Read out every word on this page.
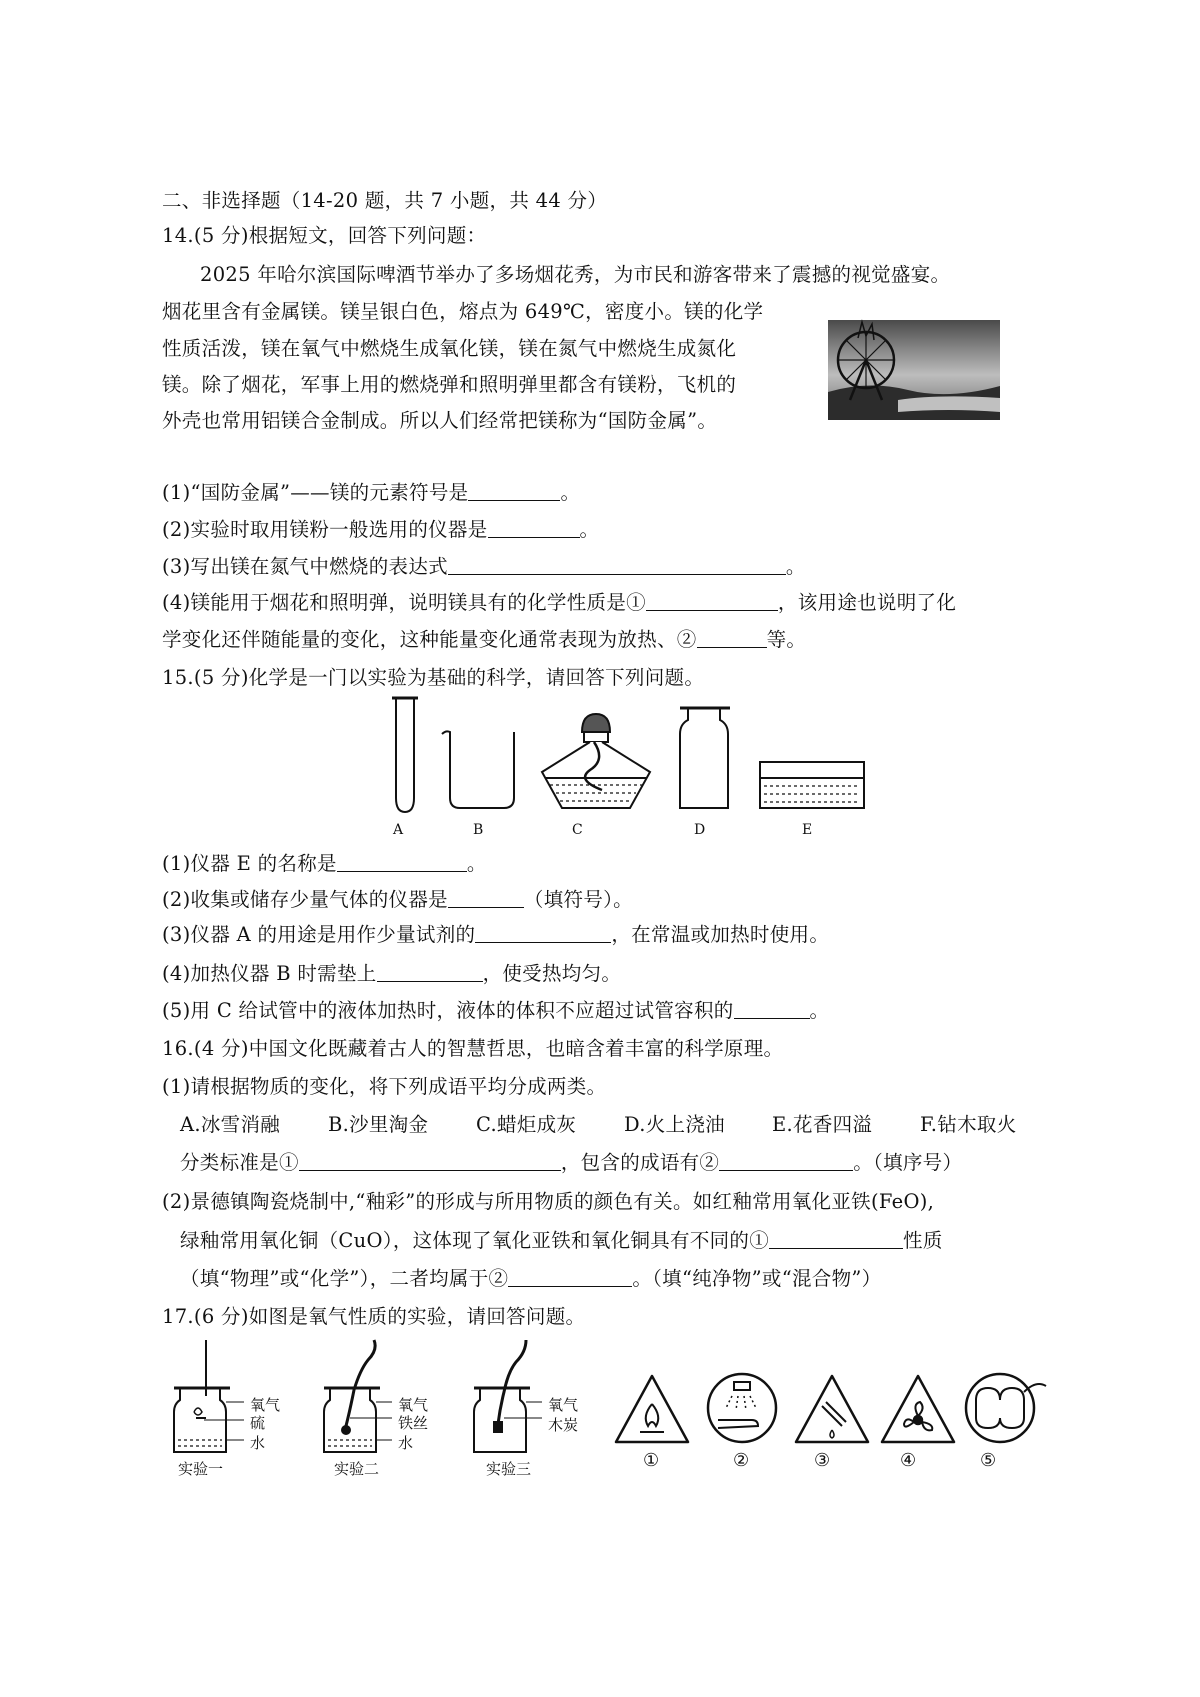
二、非选择题（14-20 题，共 7 小题，共 44 分）
14.(5 分)根据短文，回答下列问题：
2025 年哈尔滨国际啤酒节举办了多场烟花秀，为市民和游客带来了震撼的视觉盛宴。
烟花里含有金属镁。镁呈银白色，熔点为 649℃，密度小。镁的化学
性质活泼，镁在氧气中燃烧生成氧化镁，镁在氮气中燃烧生成氮化
镁。除了烟花，军事上用的燃烧弹和照明弹里都含有镁粉，飞机的
外壳也常用铝镁合金制成。所以人们经常把镁称为“国防金属”。
(1)“国防金属”——镁的元素符号是	。
(2)实验时取用镁粉一般选用的仪器是	。
(3)写出镁在氮气中燃烧的表达式	。
(4)镁能用于烟花和照明弹，说明镁具有的化学性质是①	，该用途也说明了化
学变化还伴随能量的变化，这种能量变化通常表现为放热、②	等。
15.(5 分)化学是一门以实验为基础的科学，请回答下列问题。
A	B	C	D	E
(1)仪器 E 的名称是	。
(2)收集或储存少量气体的仪器是	（填符号）。
(3)仪器 A 的用途是用作少量试剂的	，在常温或加热时使用。
(4)加热仪器 B 时需垫上	，使受热均匀。
(5)用 C 给试管中的液体加热时，液体的体积不应超过试管容积的	。
16.(4 分)中国文化既藏着古人的智慧哲思，也暗含着丰富的科学原理。
(1)请根据物质的变化，将下列成语平均分成两类。
A.冰雪消融 B.沙里淘金 C.蜡炬成灰 D.火上浇油 E.花香四溢 F.钻木取火
分类标准是①	，包含的成语有②	。（填序号）
(2)景德镇陶瓷烧制中,“釉彩”的形成与所用物质的颜色有关。如红釉常用氧化亚铁(FeO),
绿釉常用氧化铜（CuO），这体现了氧化亚铁和氧化铜具有不同的①	性质
（填“物理”或“化学”），二者均属于②	。（填“纯净物”或“混合物”）
17.(6 分)如图是氧气性质的实验，请回答问题。
氧气
硫
水
实验一
氧气
铁丝
水
实验二
氧气
木炭
实验三	①	②	③	④	⑤
